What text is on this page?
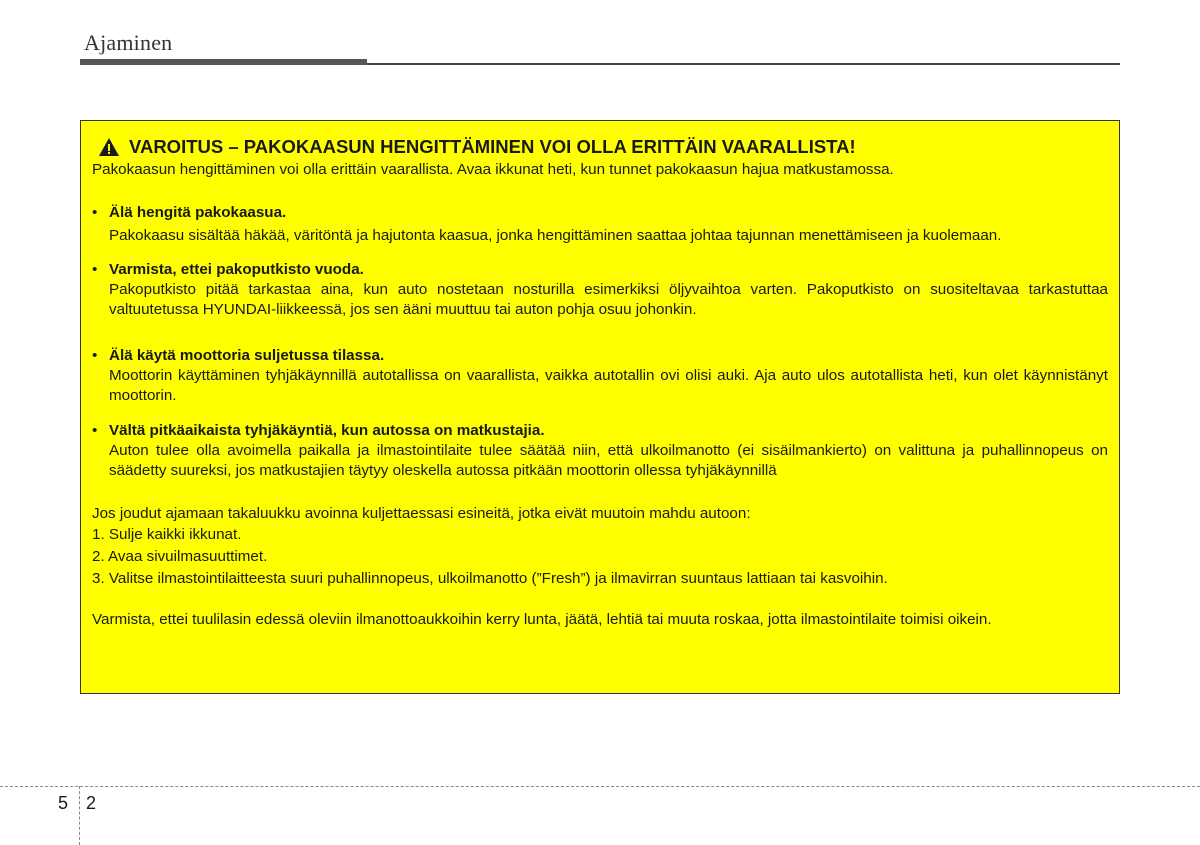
Ajaminen
VAROITUS – PAKOKAASUN HENGITTÄMINEN VOI OLLA ERITTÄIN VAARALLISTA!

Pakokaasun hengittäminen voi olla erittäin vaarallista. Avaa ikkunat heti, kun tunnet pakokaasun hajua matkustamossa.

• Älä hengitä pakokaasua.
Pakokaasu sisältää häkää, väritöntä ja hajutonta kaasua, jonka hengittäminen saattaa johtaa tajunnan menettämiseen ja kuolemaan.
• Varmista, ettei pakoputkisto vuoda.
Pakoputkisto pitää tarkastaa aina, kun auto nostetaan nosturilla esimerkiksi öljyvaihtoa varten. Pakoputkisto on suositeltavaa tarkastuttaa valtuutetussa HYUNDAI-liikkeessä, jos sen ääni muuttuu tai auton pohja osuu johonkin.
• Älä käytä moottoria suljetussa tilassa.
Moottorin käyttäminen tyhjäkäynnillä autotallissa on vaarallista, vaikka autotallin ovi olisi auki. Aja auto ulos autotallista heti, kun olet käynnistänyt moottorin.
• Vältä pitkäaikaista tyhjäkäyntiä, kun autossa on matkustajia.
Auton tulee olla avoimella paikalla ja ilmastointilaite tulee säätää niin, että ulkoilmanotto (ei sisäilmankierto) on valittuna ja puhallinnopeus on säädetty suureksi, jos matkustajien täytyy oleskella autossa pitkään moottorin ollessa tyhjäkäynnillä

Jos joudut ajamaan takaluukku avoinna kuljettaessasi esineitä, jotka eivät muutoin mahdu autoon:

1. Sulje kaikki ikkunat.

2. Avaa sivuilmasuuttimet.

3. Valitse ilmastointilaitteesta suuri puhallinnopeus, ulkoilmanotto (”Fresh”) ja ilmavirran suuntaus lattiaan tai kasvoihin.

Varmista, ettei tuulilasin edessä oleviin ilmanottoaukkoihin kerry lunta, jäätä, lehtiä tai muuta roskaa, jotta ilmastointilaite toimisi oikein.

5 2
